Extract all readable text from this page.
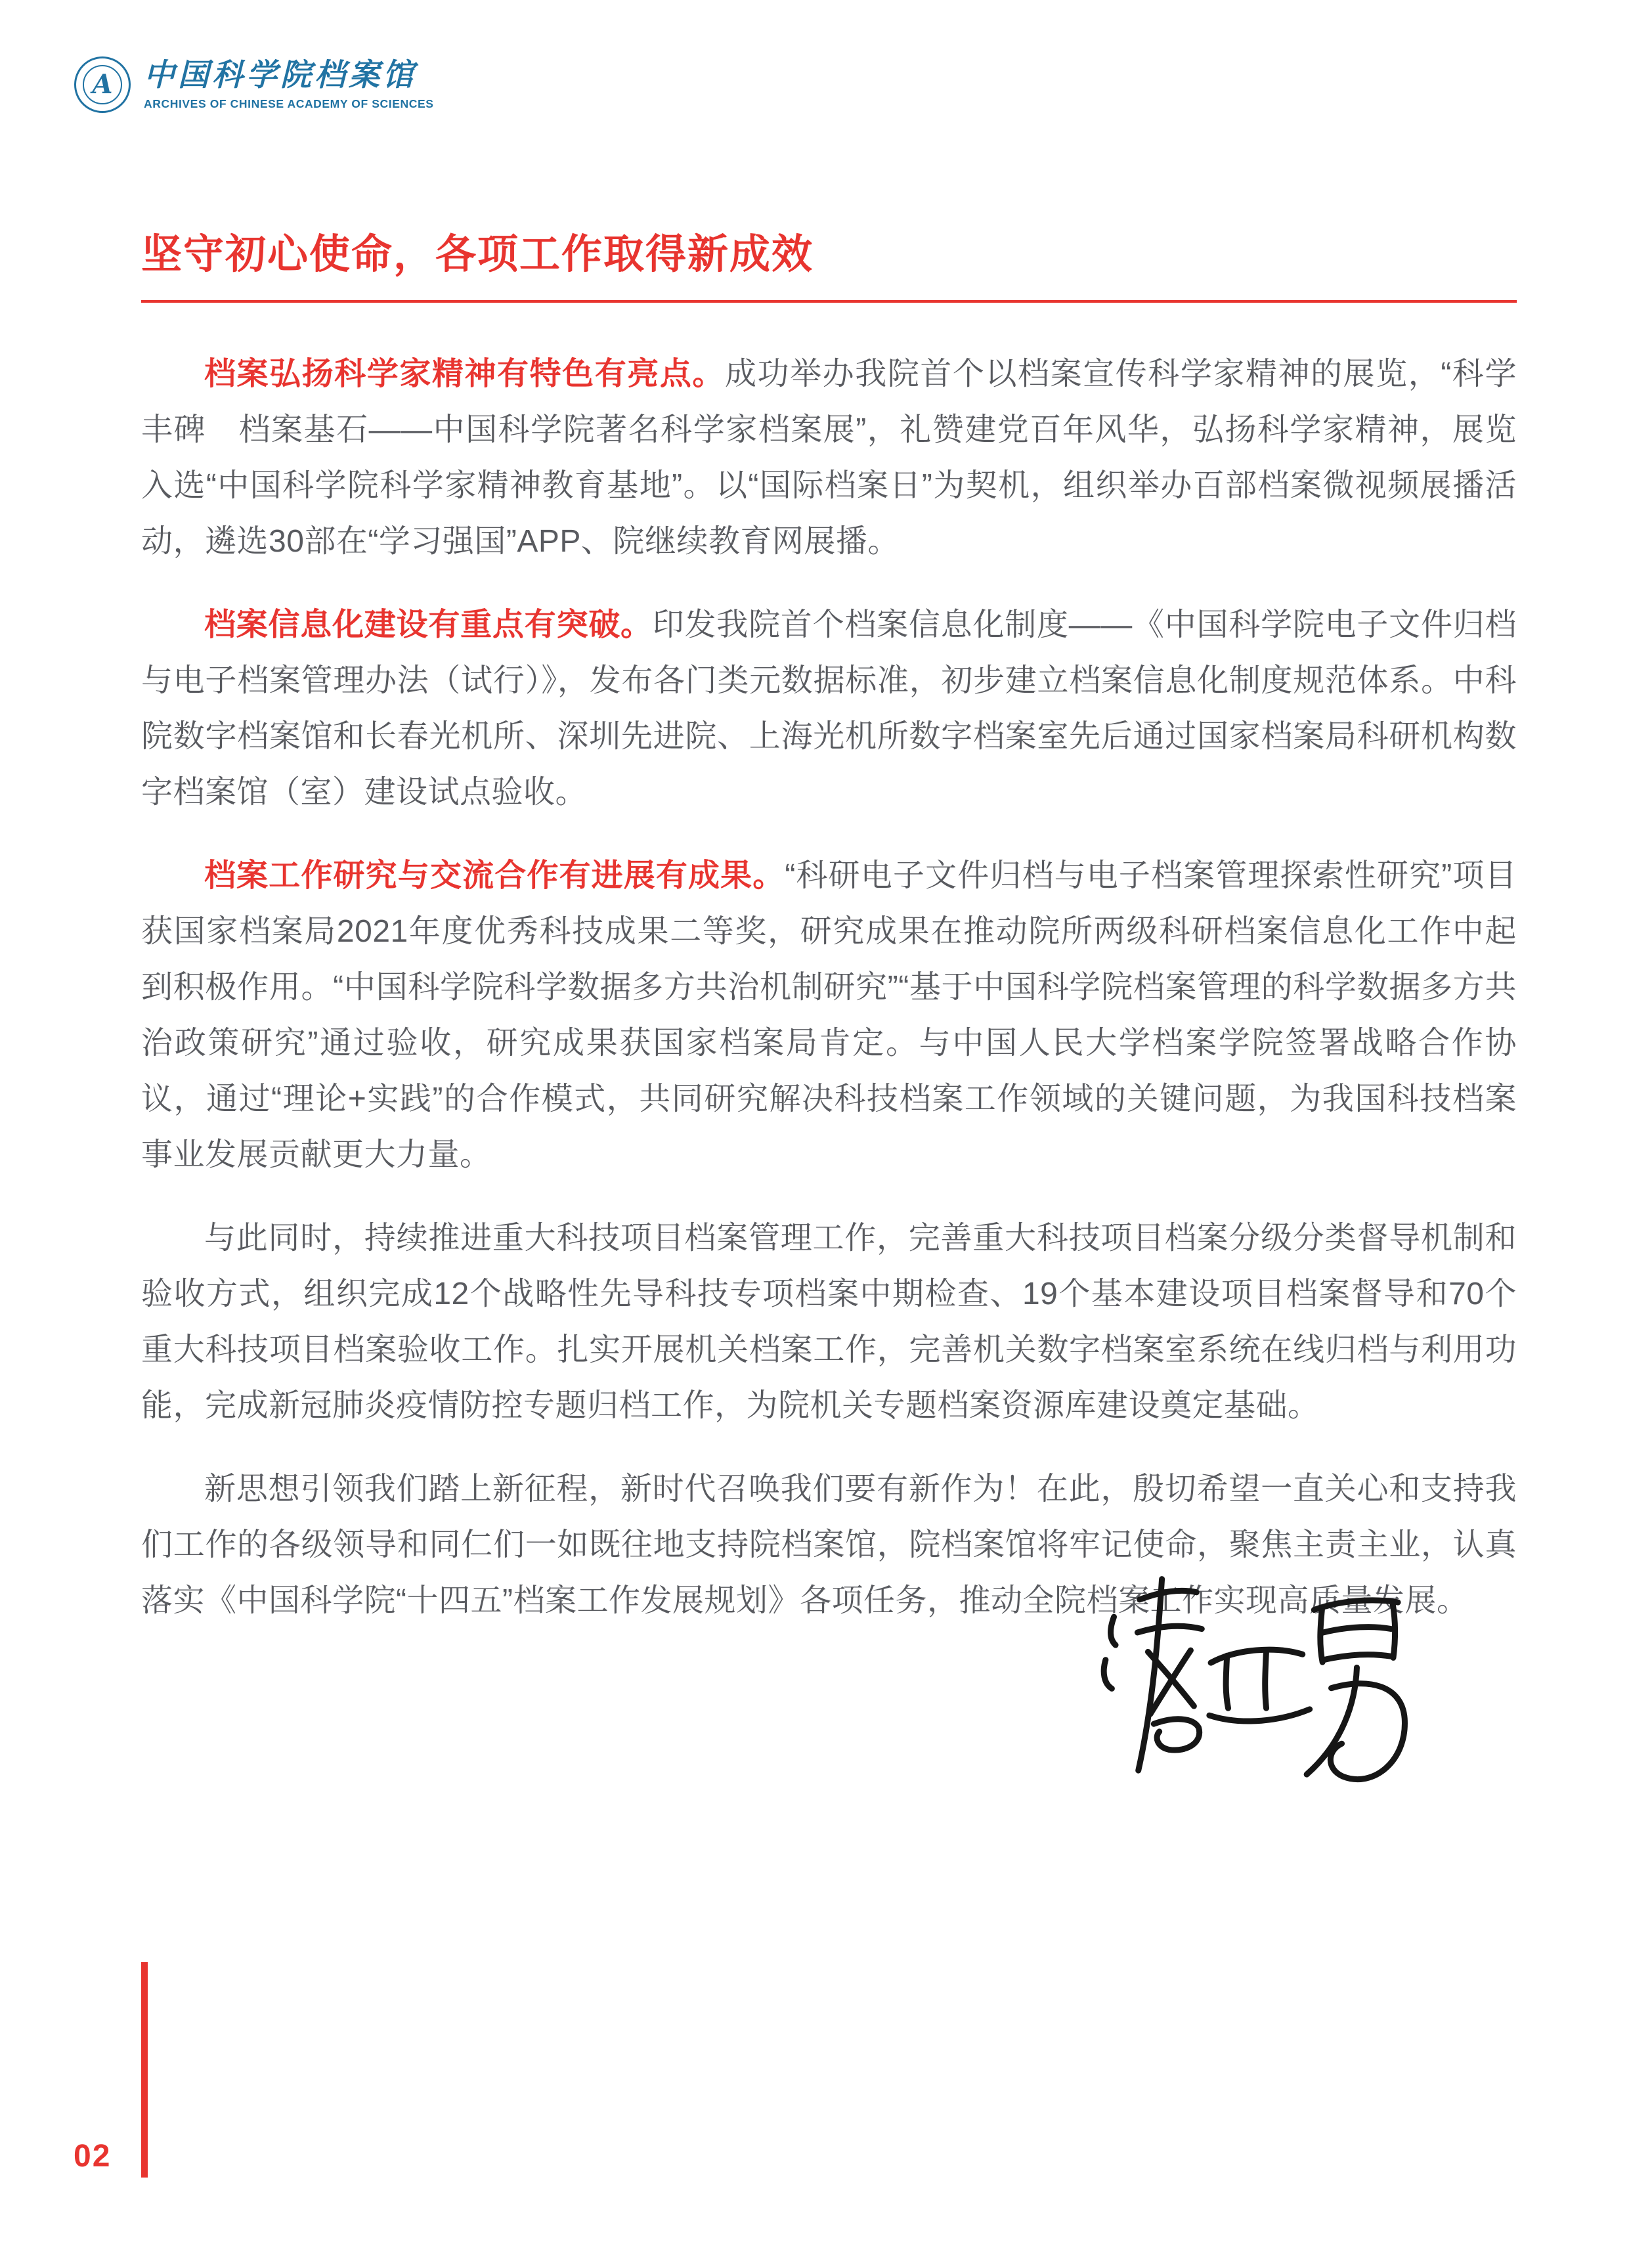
A	中国科学院档案馆
ARCHIVES OF CHINESE ACADEMY OF SCIENCES
坚守初心使命，各项工作取得新成效

档案弘扬科学家精神有特色有亮点。成功举办我院首个以档案宣传科学家精神的展览，“科学丰碑　档案基石——中国科学院著名科学家档案展”，礼赞建党百年风华，弘扬科学家精神，展览入选“中国科学院科学家精神教育基地”。以“国际档案日”为契机，组织举办百部档案微视频展播活动，遴选30部在“学习强国”APP、院继续教育网展播。

档案信息化建设有重点有突破。印发我院首个档案信息化制度——《中国科学院电子文件归档与电子档案管理办法（试行）》，发布各门类元数据标准，初步建立档案信息化制度规范体系。中科院数字档案馆和长春光机所、深圳先进院、上海光机所数字档案室先后通过国家档案局科研机构数字档案馆（室）建设试点验收。

档案工作研究与交流合作有进展有成果。“科研电子文件归档与电子档案管理探索性研究”项目获国家档案局2021年度优秀科技成果二等奖，研究成果在推动院所两级科研档案信息化工作中起到积极作用。“中国科学院科学数据多方共治机制研究”“基于中国科学院档案管理的科学数据多方共治政策研究”通过验收，研究成果获国家档案局肯定。与中国人民大学档案学院签署战略合作协议，通过“理论+实践”的合作模式，共同研究解决科技档案工作领域的关键问题，为我国科技档案事业发展贡献更大力量。

与此同时，持续推进重大科技项目档案管理工作，完善重大科技项目档案分级分类督导机制和验收方式，组织完成12个战略性先导科技专项档案中期检查、19个基本建设项目档案督导和70个重大科技项目档案验收工作。扎实开展机关档案工作，完善机关数字档案室系统在线归档与利用功能，完成新冠肺炎疫情防控专题归档工作，为院机关专题档案资源库建设奠定基础。

新思想引领我们踏上新征程，新时代召唤我们要有新作为！在此，殷切希望一直关心和支持我们工作的各级领导和同仁们一如既往地支持院档案馆，院档案馆将牢记使命，聚焦主责主业，认真落实《中国科学院“十四五”档案工作发展规划》各项任务，推动全院档案工作实现高质量发展。

02
